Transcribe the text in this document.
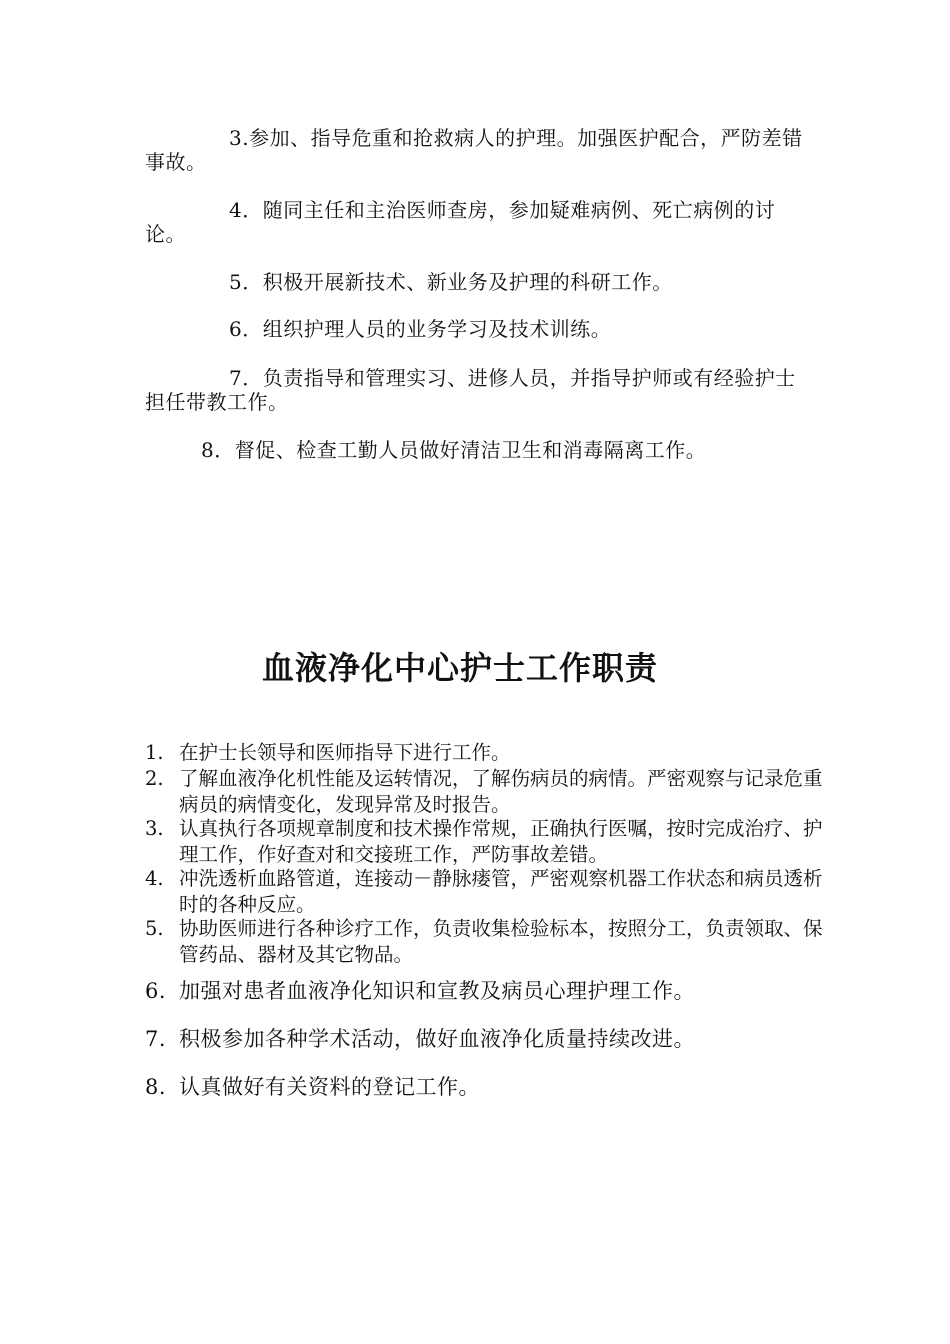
3.参加、指导危重和抢救病人的护理。加强医护配合，严防差错事故。

4．随同主任和主治医师查房，参加疑难病例、死亡病例的讨论。

5．积极开展新技术、新业务及护理的科研工作。

6．组织护理人员的业务学习及技术训练。

7．负责指导和管理实习、进修人员，并指导护师或有经验护士担任带教工作。

8．督促、检查工勤人员做好清洁卫生和消毒隔离工作。

血液净化中心护士工作职责
1. 在护士长领导和医师指导下进行工作。
2. 了解血液净化机性能及运转情况，了解伤病员的病情。严密观察与记录危重病员的病情变化，发现异常及时报告。
3. 认真执行各项规章制度和技术操作常规，正确执行医嘱，按时完成治疗、护理工作，作好查对和交接班工作，严防事故差错。
4. 冲洗透析血路管道，连接动－静脉瘘管，严密观察机器工作状态和病员透析时的各种反应。
5. 协助医师进行各种诊疗工作，负责收集检验标本，按照分工，负责领取、保管药品、器材及其它物品。
6. 加强对患者血液净化知识和宣教及病员心理护理工作。
7. 积极参加各种学术活动，做好血液净化质量持续改进。
8. 认真做好有关资料的登记工作。
